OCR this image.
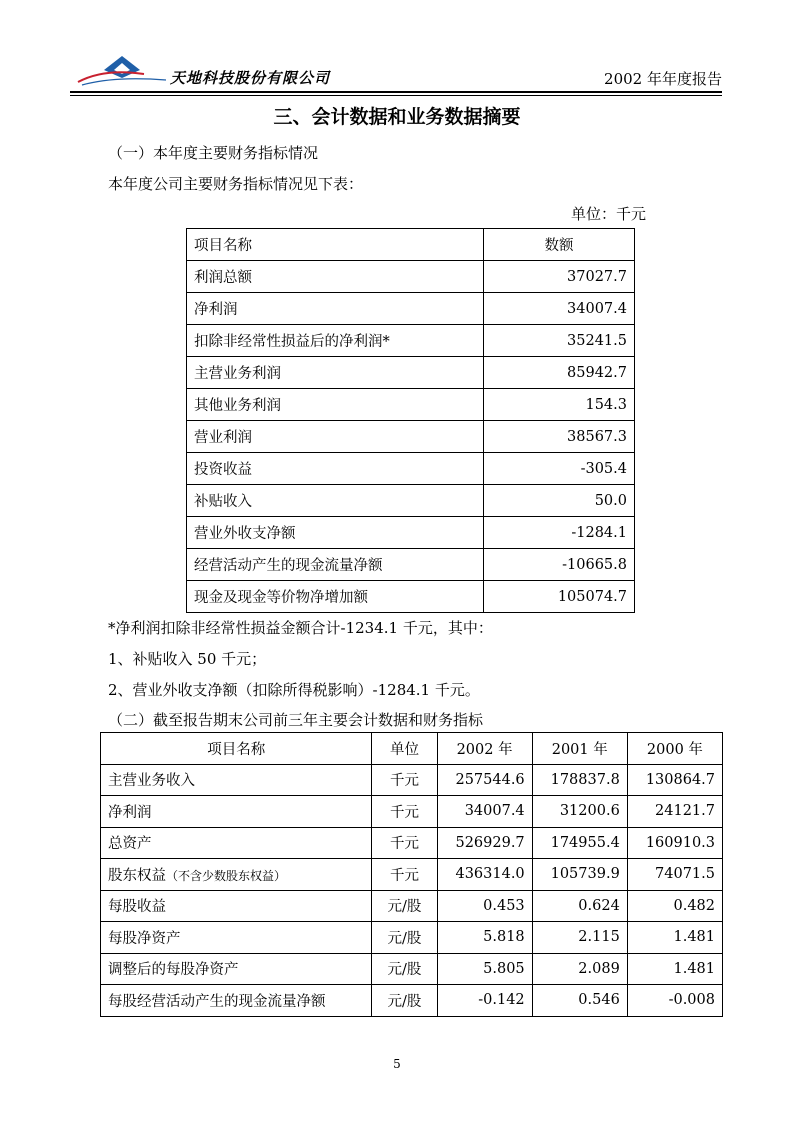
天地科技股份有限公司	2002 年年度报告
三、会计数据和业务数据摘要
（一）本年度主要财务指标情况
本年度公司主要财务指标情况见下表：
单位：千元
项目名称	数额
利润总额	37027.7
净利润	34007.4
扣除非经常性损益后的净利润*	35241.5
主营业务利润	85942.7
其他业务利润	154.3
营业利润	38567.3
投资收益	-305.4
补贴收入	50.0
营业外收支净额	-1284.1
经营活动产生的现金流量净额	-10665.8
现金及现金等价物净增加额	105074.7
*净利润扣除非经常性损益金额合计-1234.1 千元，其中：
1、补贴收入 50 千元；
2、营业外收支净额（扣除所得税影响）-1284.1 千元。
（二）截至报告期末公司前三年主要会计数据和财务指标
项目名称	单位	2002 年	2001 年	2000 年
主营业务收入	千元	257544.6	178837.8	130864.7
净利润	千元	34007.4	31200.6	24121.7
总资产	千元	526929.7	174955.4	160910.3
股东权益（不含少数股东权益）	千元	436314.0	105739.9	74071.5
每股收益	元/股	0.453	0.624	0.482
每股净资产	元/股	5.818	2.115	1.481
调整后的每股净资产	元/股	5.805	2.089	1.481
每股经营活动产生的现金流量净额	元/股	-0.142	0.546	-0.008
5
